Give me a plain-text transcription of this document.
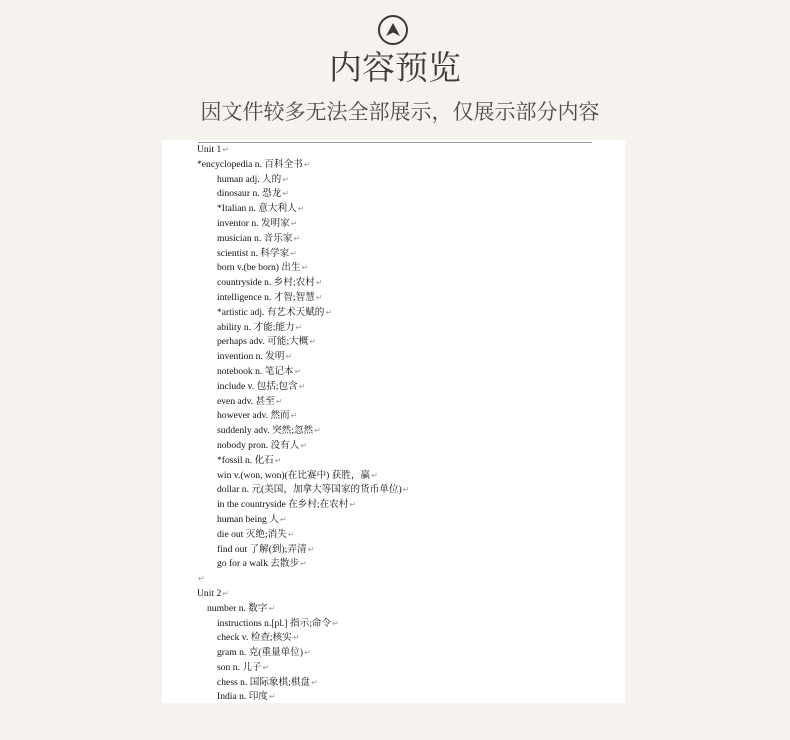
内容预览
因文件较多无法全部展示，仅展示部分内容
Unit 1↵
*encyclopedia n. 百科全书↵
human adj. 人的↵
dinosaur n. 恐龙↵
*Italian n. 意大利人↵
inventor n. 发明家↵
musician n. 音乐家↵
scientist n. 科学家↵
born v.(be born) 出生↵
countryside n. 乡村;农村↵
intelligence n. 才智;智慧↵
*artistic adj. 有艺术天赋的↵
ability n. 才能;能力↵
perhaps adv. 可能;大概↵
invention n. 发明↵
notebook n. 笔记本↵
include v. 包括;包含↵
even adv. 甚至↵
however adv. 然而↵
suddenly adv. 突然;忽然↵
nobody pron. 没有人↵
*fossil n. 化石↵
win v.(won, won)(在比赛中) 获胜，赢↵
dollar n. 元(美国，加拿大等国家的货币单位)↵
in the countryside 在乡村;在农村↵
human being 人↵
die out 灭绝;消失↵
find out 了解(到);弄清↵
go for a walk 去散步↵
↵
Unit 2↵
number n. 数字↵
instructions n.[pl.] 指示;命令↵
check v. 检查;核实↵
gram n. 克(重量单位)↵
son n. 儿子↵
chess n. 国际象棋;棋盘↵
India n. 印度↵
